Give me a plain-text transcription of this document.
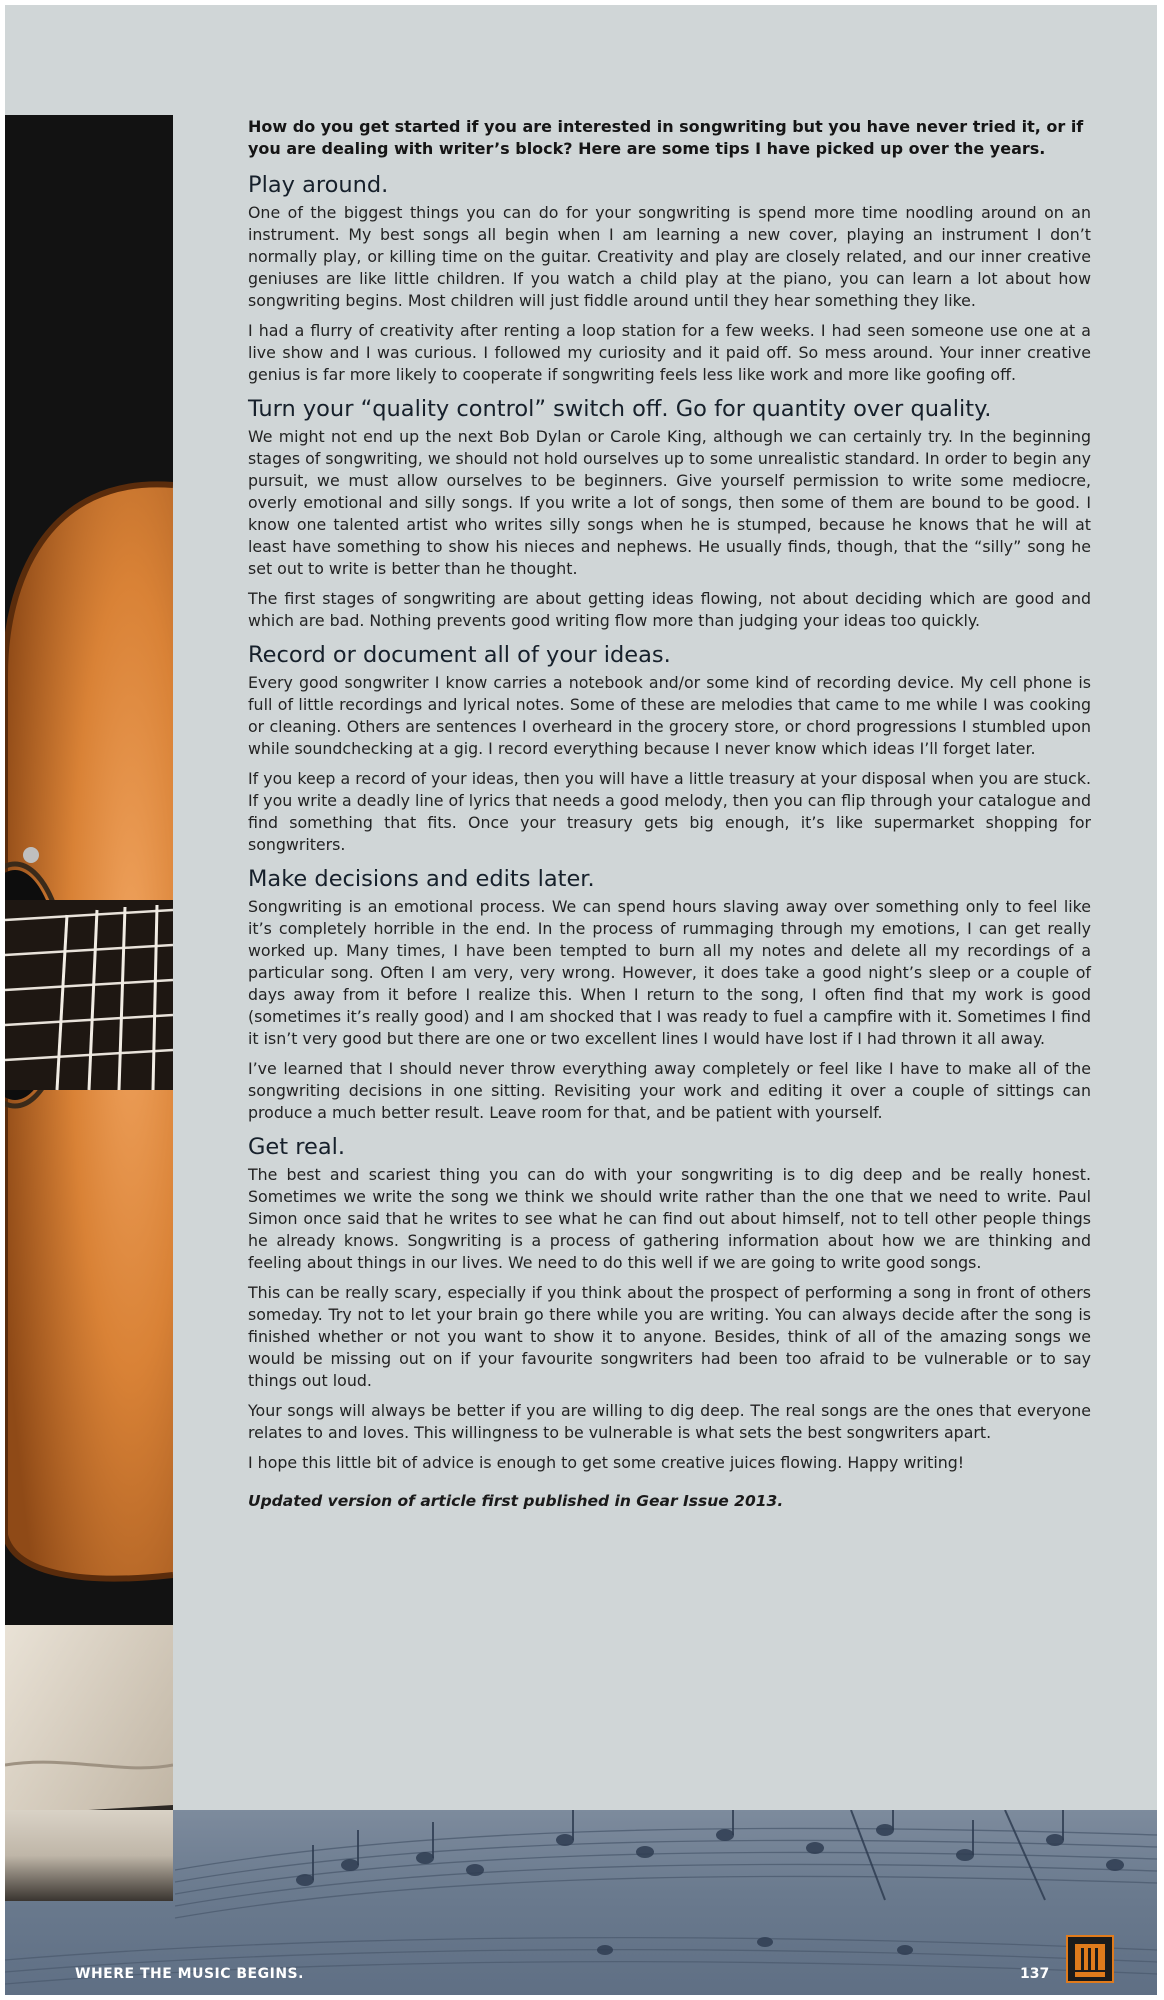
WHERE THE MUSIC BEGINS.	137

How do you get started if you are interested in songwriting but you have never tried it, or if you are dealing with writer’s block? Here are some tips I have picked up over the years.

Play around.

One of the biggest things you can do for your songwriting is spend more time noodling around on an instrument. My best songs all begin when I am learning a new cover, playing an instrument I don’t normally play, or killing time on the guitar. Creativity and play are closely related, and our inner creative geniuses are like little children. If you watch a child play at the piano, you can learn a lot about how songwriting begins. Most children will just fiddle around until they hear something they like.

I had a flurry of creativity after renting a loop station for a few weeks. I had seen someone use one at a live show and I was curious. I followed my curiosity and it paid off. So mess around. Your inner creative genius is far more likely to cooperate if songwriting feels less like work and more like goofing off.

Turn your “quality control” switch off. Go for quantity over quality.

We might not end up the next Bob Dylan or Carole King, although we can certainly try. In the beginning stages of songwriting, we should not hold ourselves up to some unrealistic standard. In order to begin any pursuit, we must allow ourselves to be beginners. Give yourself permission to write some mediocre, overly emotional and silly songs. If you write a lot of songs, then some of them are bound to be good. I know one talented artist who writes silly songs when he is stumped, because he knows that he will at least have something to show his nieces and nephews. He usually finds, though, that the “silly” song he set out to write is better than he thought.

The first stages of songwriting are about getting ideas flowing, not about deciding which are good and which are bad. Nothing prevents good writing flow more than judging your ideas too quickly.

Record or document all of your ideas.

Every good songwriter I know carries a notebook and/or some kind of recording device. My cell phone is full of little recordings and lyrical notes. Some of these are melodies that came to me while I was cooking or cleaning. Others are sentences I overheard in the grocery store, or chord progressions I stumbled upon while soundchecking at a gig. I record everything because I never know which ideas I’ll forget later.

If you keep a record of your ideas, then you will have a little treasury at your disposal when you are stuck. If you write a deadly line of lyrics that needs a good melody, then you can flip through your catalogue and find something that fits. Once your treasury gets big enough, it’s like supermarket shopping for songwriters.

Make decisions and edits later.

Songwriting is an emotional process. We can spend hours slaving away over something only to feel like it’s completely horrible in the end. In the process of rummaging through my emotions, I can get really worked up. Many times, I have been tempted to burn all my notes and delete all my recordings of a particular song. Often I am very, very wrong. However, it does take a good night’s sleep or a couple of days away from it before I realize this. When I return to the song, I often find that my work is good (sometimes it’s really good) and I am shocked that I was ready to fuel a campfire with it. Sometimes I find it isn’t very good but there are one or two excellent lines I would have lost if I had thrown it all away.

I’ve learned that I should never throw everything away completely or feel like I have to make all of the songwriting decisions in one sitting. Revisiting your work and editing it over a couple of sittings can produce a much better result. Leave room for that, and be patient with yourself.

Get real.

The best and scariest thing you can do with your songwriting is to dig deep and be really honest. Sometimes we write the song we think we should write rather than the one that we need to write. Paul Simon once said that he writes to see what he can find out about himself, not to tell other people things he already knows. Songwriting is a process of gathering information about how we are thinking and feeling about things in our lives. We need to do this well if we are going to write good songs.

This can be really scary, especially if you think about the prospect of performing a song in front of others someday. Try not to let your brain go there while you are writing. You can always decide after the song is finished whether or not you want to show it to anyone. Besides, think of all of the amazing songs we would be missing out on if your favourite songwriters had been too afraid to be vulnerable or to say things out loud.

Your songs will always be better if you are willing to dig deep. The real songs are the ones that everyone relates to and loves. This willingness to be vulnerable is what sets the best songwriters apart.

I hope this little bit of advice is enough to get some creative juices flowing. Happy writing!

Updated version of article first published in Gear Issue 2013.
